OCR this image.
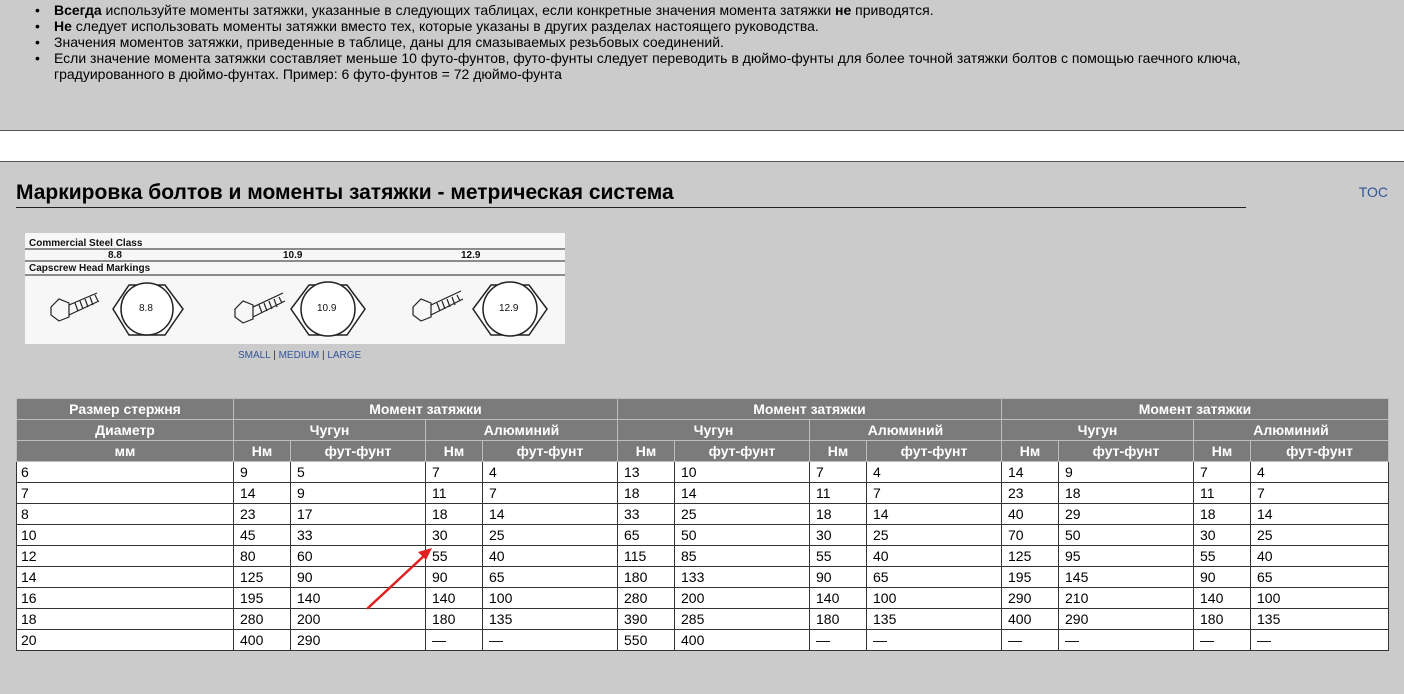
• Всегда используйте моменты затяжки, указанные в следующих таблицах, если конкретные значения момента затяжки не приводятся.
• Не следует использовать моменты затяжки вместо тех, которые указаны в других разделах настоящего руководства.
• Значения моментов затяжки, приведенные в таблице, даны для смазываемых резьбовых соединений.
• Если значение момента затяжки составляет меньше 10 футо-фунтов, футо-фунты следует переводить в дюймо-фунты для более точной затяжки болтов с помощью гаечного ключа, градуированного в дюймо-фунтах. Пример: 6 футо-фунтов = 72 дюймо-фунта
Маркировка болтов и моменты затяжки - метрическая система	TOC
Commercial Steel Class
8.8	10.9	12.9
Capscrew Head Markings
8.8	10.9	12.9
SMALL | MEDIUM | LARGE
Размер стержня	Момент затяжки				Момент затяжки				Момент затяжки			
Диаметр	Чугун		Алюминий		Чугун		Алюминий		Чугун		Алюминий	
мм	Нм	фут-фунт	Нм	фут-фунт	Нм	фут-фунт	Нм	фут-фунт	Нм	фут-фунт	Нм	фут-фунт
6	9	5	7	4	13	10	7	4	14	9	7	4
7	14	9	11	7	18	14	11	7	23	18	11	7
8	23	17	18	14	33	25	18	14	40	29	18	14
10	45	33	30	25	65	50	30	25	70	50	30	25
12	80	60	55	40	115	85	55	40	125	95	55	40
14	125	90	90	65	180	133	90	65	195	145	90	65
16	195	140	140	100	280	200	140	100	290	210	140	100
18	280	200	180	135	390	285	180	135	400	290	180	135
20	400	290	—	—	550	400	—	—	—	—	—	—
